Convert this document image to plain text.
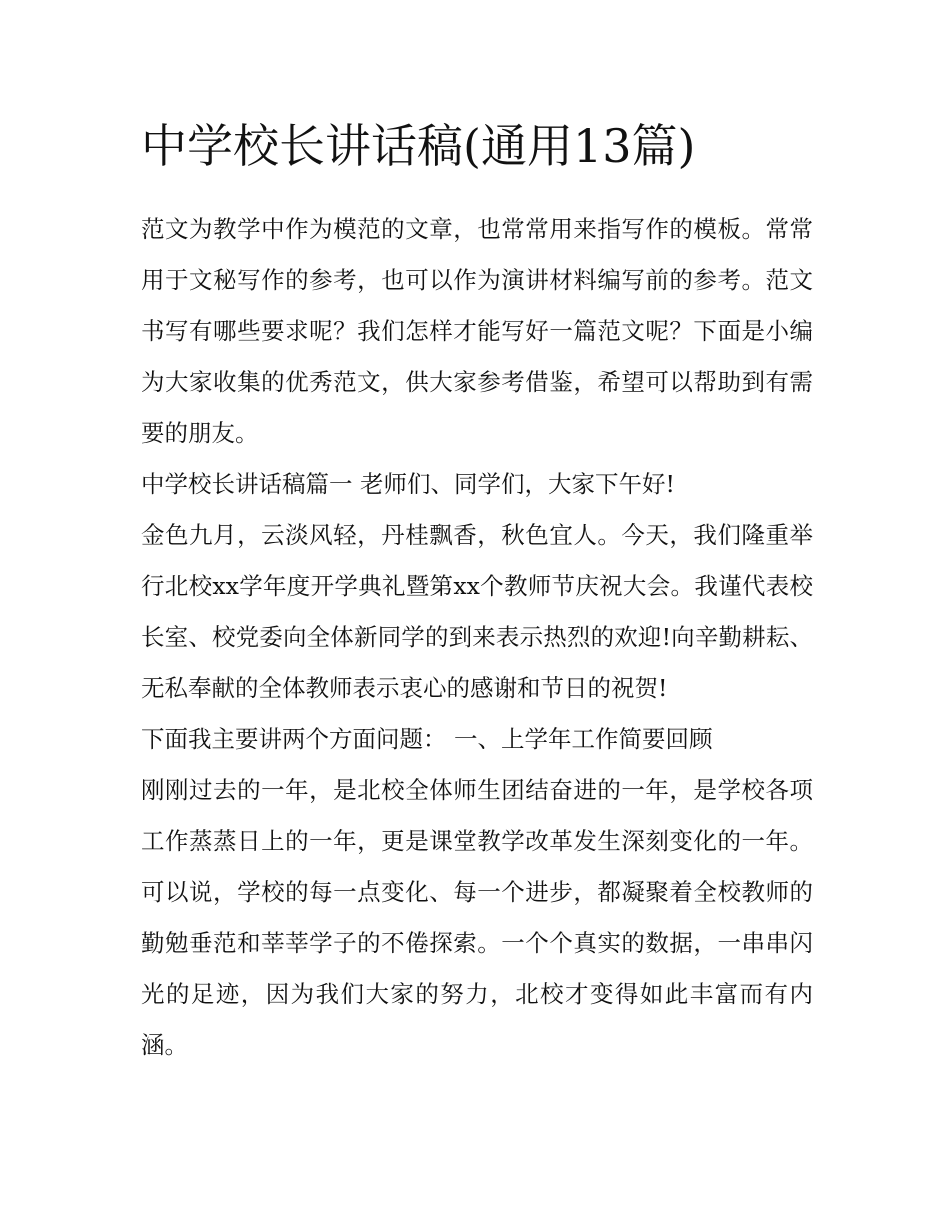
中学校长讲话稿(通用13篇)

范文为教学中作为模范的文章，也常常用来指写作的模板。常常用于文秘写作的参考，也可以作为演讲材料编写前的参考。范文书写有哪些要求呢？我们怎样才能写好一篇范文呢？下面是小编为大家收集的优秀范文，供大家参考借鉴，希望可以帮助到有需要的朋友。

中学校长讲话稿篇一 老师们、同学们，大家下午好!

金色九月，云淡风轻，丹桂飘香，秋色宜人。今天，我们隆重举行北校xx学年度开学典礼暨第xx个教师节庆祝大会。我谨代表校长室、校党委向全体新同学的到来表示热烈的欢迎!向辛勤耕耘、无私奉献的全体教师表示衷心的感谢和节日的祝贺!

下面我主要讲两个方面问题： 一、上学年工作简要回顾

刚刚过去的一年，是北校全体师生团结奋进的一年，是学校各项工作蒸蒸日上的一年，更是课堂教学改革发生深刻变化的一年。可以说，学校的每一点变化、每一个进步，都凝聚着全校教师的勤勉垂范和莘莘学子的不倦探索。一个个真实的数据，一串串闪光的足迹，因为我们大家的努力，北校才变得如此丰富而有内涵。
